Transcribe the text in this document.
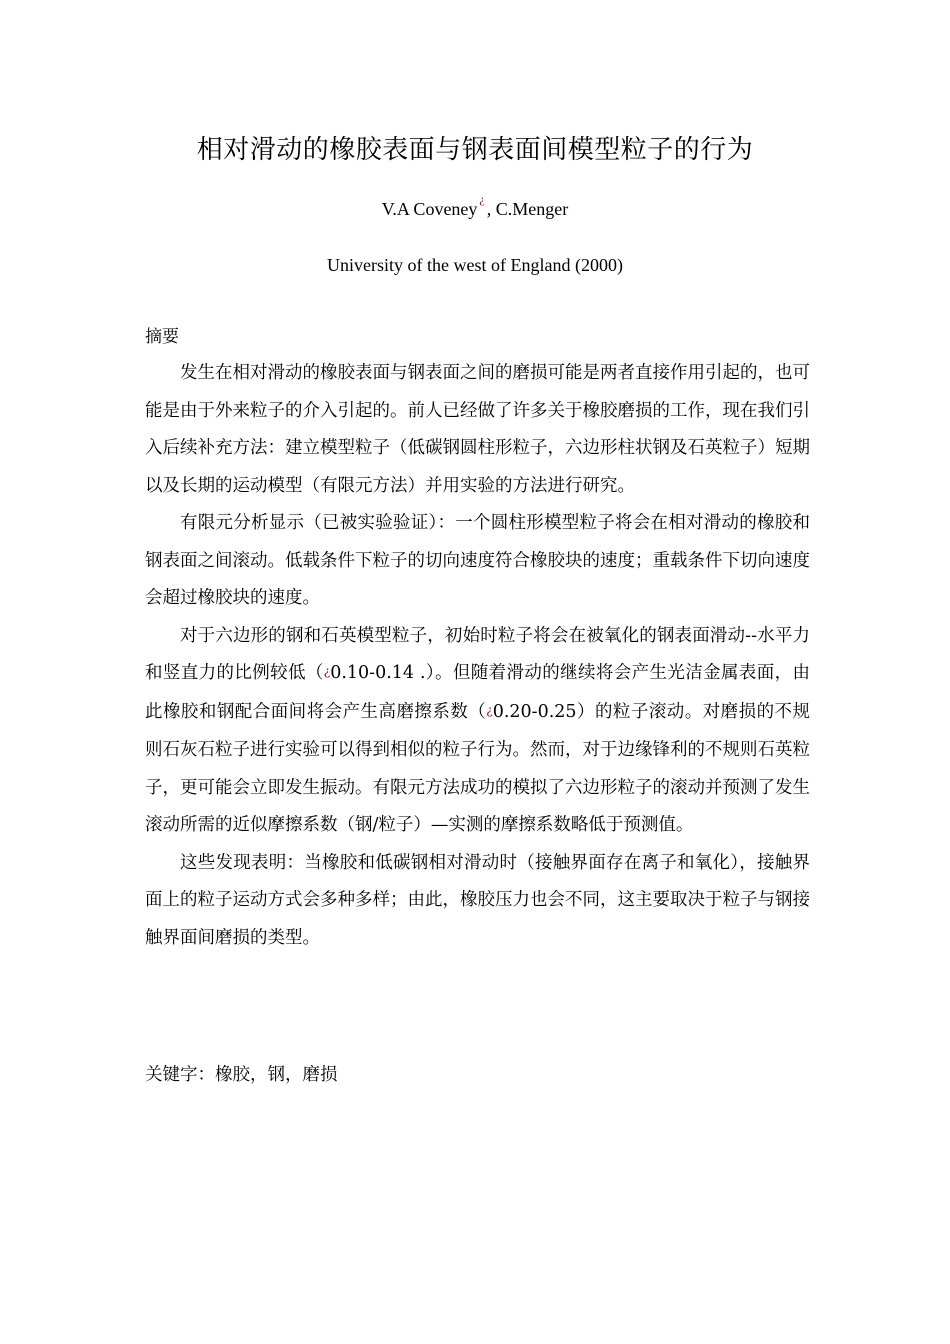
相对滑动的橡胶表面与钢表面间模型粒子的行为
V.A Coveney ¿ , C.Menger
University of the west of England (2000)
摘要

发生在相对滑动的橡胶表面与钢表面之间的磨损可能是两者直接作用引起的，也可能是由于外来粒子的介入引起的。前人已经做了许多关于橡胶磨损的工作，现在我们引入后续补充方法：建立模型粒子（低碳钢圆柱形粒子，六边形柱状钢及石英粒子）短期以及长期的运动模型（有限元方法）并用实验的方法进行研究。

有限元分析显示（已被实验验证）：一个圆柱形模型粒子将会在相对滑动的橡胶和钢表面之间滚动。低载条件下粒子的切向速度符合橡胶块的速度；重载条件下切向速度会超过橡胶块的速度。

对于六边形的钢和石英模型粒子，初始时粒子将会在被氧化的钢表面滑动--水平力和竖直力的比例较低（¿0.10-0.14 .）。但随着滑动的继续将会产生光洁金属表面，由此橡胶和钢配合面间将会产生高磨擦系数（¿0.20-0.25）的粒子滚动。对磨损的不规则石灰石粒子进行实验可以得到相似的粒子行为。然而，对于边缘锋利的不规则石英粒子，更可能会立即发生振动。有限元方法成功的模拟了六边形粒子的滚动并预测了发生滚动所需的近似摩擦系数（钢/粒子）—实测的摩擦系数略低于预测值。

这些发现表明：当橡胶和低碳钢相对滑动时（接触界面存在离子和氧化），接触界面上的粒子运动方式会多种多样；由此，橡胶压力也会不同，这主要取决于粒子与钢接触界面间磨损的类型。

关键字：橡胶，钢，磨损
